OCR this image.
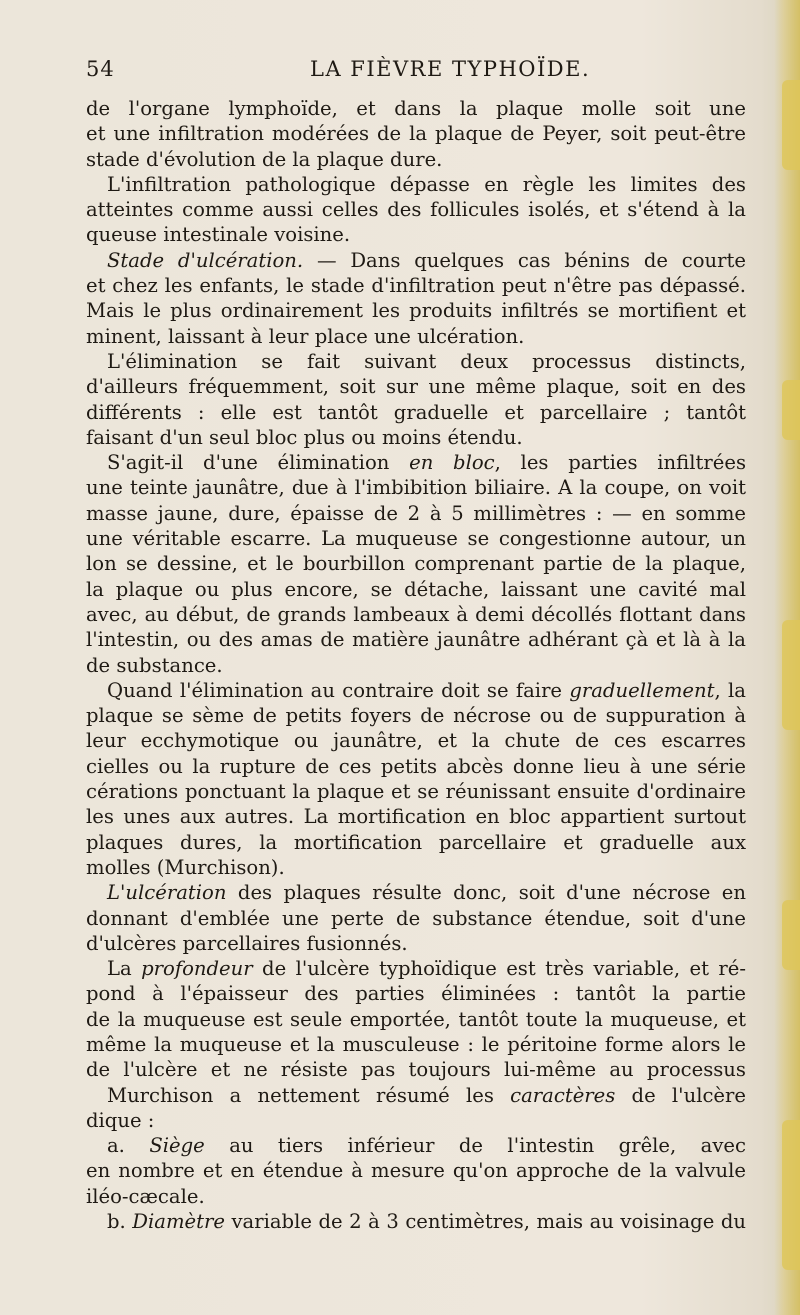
54	LA FIÈVRE TYPHOÏDE.
de l'organe lymphoïde, et dans la plaque molle soit une
et une infiltration modérées de la plaque de Peyer, soit peut-être
stade d'évolution de la plaque dure.
L'infiltration pathologique dépasse en règle les limites des
atteintes comme aussi celles des follicules isolés, et s'étend à la
queuse intestinale voisine.
Stade d'ulcération. — Dans quelques cas bénins de courte
et chez les enfants, le stade d'infiltration peut n'être pas dépassé.
Mais le plus ordinairement les produits infiltrés se mortifient et
minent, laissant à leur place une ulcération.
L'élimination se fait suivant deux processus distincts,
d'ailleurs fréquemment, soit sur une même plaque, soit en des
différents : elle est tantôt graduelle et parcellaire ; tantôt
faisant d'un seul bloc plus ou moins étendu.
S'agit-il d'une élimination en bloc, les parties infiltrées
une teinte jaunâtre, due à l'imbibition biliaire. A la coupe, on voit
masse jaune, dure, épaisse de 2 à 5 millimètres : — en somme
une véritable escarre. La muqueuse se congestionne autour, un
lon se dessine, et le bourbillon comprenant partie de la plaque,
la plaque ou plus encore, se détache, laissant une cavité mal
avec, au début, de grands lambeaux à demi décollés flottant dans
l'intestin, ou des amas de matière jaunâtre adhérant çà et là à la
de substance.
Quand l'élimination au contraire doit se faire graduellement, la
plaque se sème de petits foyers de nécrose ou de suppuration à
leur ecchymotique ou jaunâtre, et la chute de ces escarres
cielles ou la rupture de ces petits abcès donne lieu à une série
cérations ponctuant la plaque et se réunissant ensuite d'ordinaire
les unes aux autres. La mortification en bloc appartient surtout
plaques dures, la mortification parcellaire et graduelle aux
molles (Murchison).
L'ulcération des plaques résulte donc, soit d'une nécrose en
donnant d'emblée une perte de substance étendue, soit d'une
d'ulcères parcellaires fusionnés.
La profondeur de l'ulcère typhoïdique est très variable, et ré-
pond à l'épaisseur des parties éliminées : tantôt la partie
de la muqueuse est seule emportée, tantôt toute la muqueuse, et
même la muqueuse et la musculeuse : le péritoine forme alors le
de l'ulcère et ne résiste pas toujours lui-même au processus
Murchison a nettement résumé les caractères de l'ulcère
dique :
a. Siège au tiers inférieur de l'intestin grêle, avec
en nombre et en étendue à mesure qu'on approche de la valvule
iléo-cæcale.
b. Diamètre variable de 2 à 3 centimètres, mais au voisinage du
